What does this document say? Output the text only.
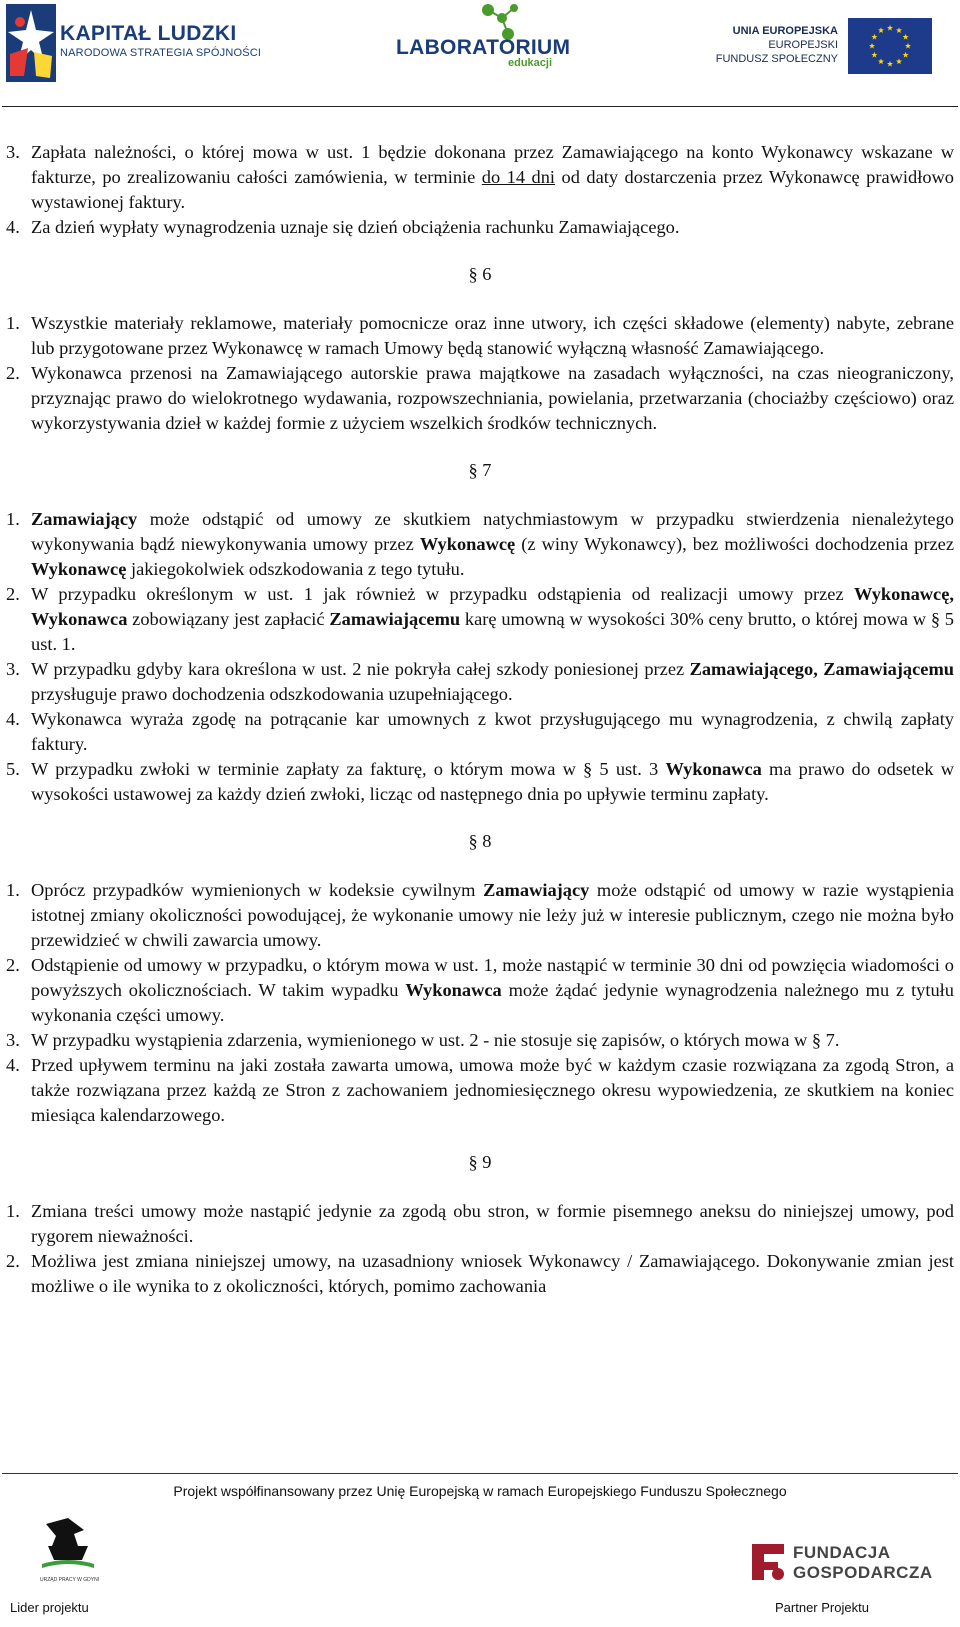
KAPITAŁ LUDZKI
NARODOWA STRATEGIA SPÓJNOŚCI	LABORATORIUM
edukacji
UNIA EUROPEJSKA
EUROPEJSKI
FUNDUSZ SPOŁECZNY
3. Zapłata należności, o której mowa w ust. 1 będzie dokonana przez Zamawiającego na konto Wykonawcy wskazane w fakturze, po zrealizowaniu całości zamówienia, w terminie do 14 dni od daty dostarczenia przez Wykonawcę prawidłowo wystawionej faktury.
4. Za dzień wypłaty wynagrodzenia uznaje się dzień obciążenia rachunku Zamawiającego.
§ 6
1. Wszystkie materiały reklamowe, materiały pomocnicze oraz inne utwory, ich części składowe (elementy) nabyte, zebrane lub przygotowane przez Wykonawcę w ramach Umowy będą stanowić wyłączną własność Zamawiającego.
2. Wykonawca przenosi na Zamawiającego autorskie prawa majątkowe na zasadach wyłączności, na czas nieograniczony, przyznając prawo do wielokrotnego wydawania, rozpowszechniania, powielania, przetwarzania (chociażby częściowo) oraz wykorzystywania dzieł w każdej formie z użyciem wszelkich środków technicznych.
§ 7
1. Zamawiający może odstąpić od umowy ze skutkiem natychmiastowym w przypadku stwierdzenia nienależytego wykonywania bądź niewykonywania umowy przez Wykonawcę (z winy Wykonawcy), bez możliwości dochodzenia przez Wykonawcę jakiegokolwiek odszkodowania z tego tytułu.
2. W przypadku określonym w ust. 1 jak również w przypadku odstąpienia od realizacji umowy przez Wykonawcę, Wykonawca zobowiązany jest zapłacić Zamawiającemu karę umowną w wysokości 30% ceny brutto, o której mowa w § 5 ust. 1.
3. W przypadku gdyby kara określona w ust. 2 nie pokryła całej szkody poniesionej przez Zamawiającego, Zamawiającemu przysługuje prawo dochodzenia odszkodowania uzupełniającego.
4. Wykonawca wyraża zgodę na potrącanie kar umownych z kwot przysługującego mu wynagrodzenia, z chwilą zapłaty faktury.
5. W przypadku zwłoki w terminie zapłaty za fakturę, o którym mowa w § 5 ust. 3 Wykonawca ma prawo do odsetek w wysokości ustawowej za każdy dzień zwłoki, licząc od następnego dnia po upływie terminu zapłaty.
§ 8
1. Oprócz przypadków wymienionych w kodeksie cywilnym Zamawiający może odstąpić od umowy w razie wystąpienia istotnej zmiany okoliczności powodującej, że wykonanie umowy nie leży już w interesie publicznym, czego nie można było przewidzieć w chwili zawarcia umowy.
2. Odstąpienie od umowy w przypadku, o którym mowa w ust. 1, może nastąpić w terminie 30 dni od powzięcia wiadomości o powyższych okolicznościach. W takim wypadku Wykonawca może żądać jedynie wynagrodzenia należnego mu z tytułu wykonania części umowy.
3. W przypadku wystąpienia zdarzenia, wymienionego w ust. 2 - nie stosuje się zapisów, o których mowa w § 7.
4. Przed upływem terminu na jaki została zawarta umowa, umowa może być w każdym czasie rozwiązana za zgodą Stron, a także rozwiązana przez każdą ze Stron z zachowaniem jednomiesięcznego okresu wypowiedzenia, ze skutkiem na koniec miesiąca kalendarzowego.
§ 9
1. Zmiana treści umowy może nastąpić jedynie za zgodą obu stron, w formie pisemnego aneksu do niniejszej umowy, pod rygorem nieważności.
2. Możliwa jest zmiana niniejszej umowy, na uzasadniony wniosek Wykonawcy / Zamawiającego. Dokonywanie zmian jest możliwe o ile wynika to z okoliczności, których, pomimo zachowania
Projekt współfinansowany przez Unię Europejską w ramach Europejskiego Funduszu Społecznego
URZĄD PRACY W GDYNI
Lider projektu
FUNDACJA
GOSPODARCZA
Partner Projektu
